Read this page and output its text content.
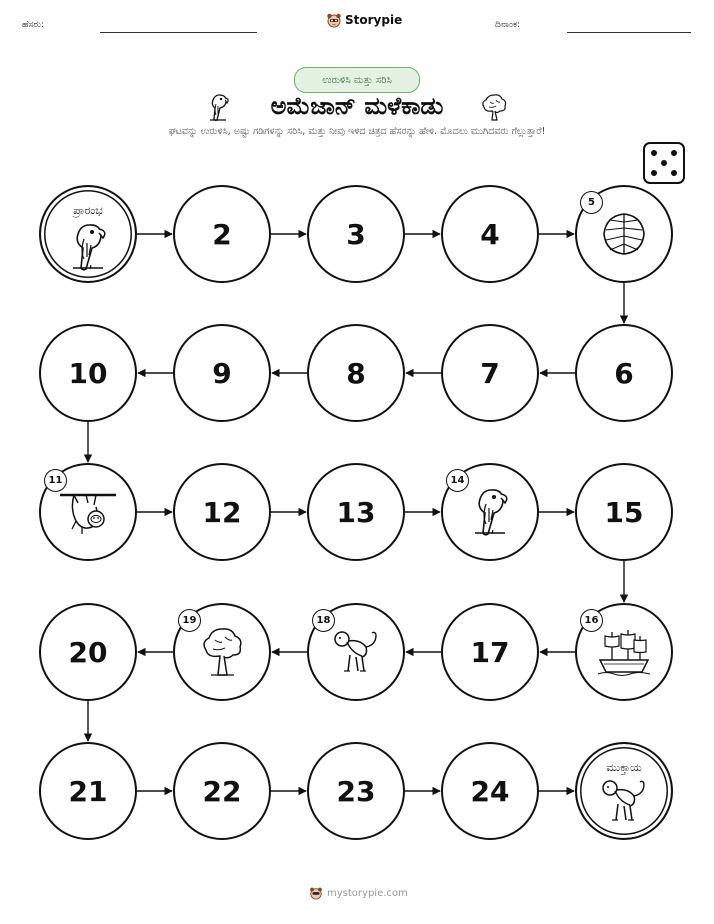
ಹೆಸರು:	Storypie	ದಿನಾಂಕ:
ಉರುಳಿಸಿ ಮತ್ತು ಸರಿಸಿ
ಅಮೆಜಾನ್ ಮಳೆಕಾಡು
ಘಟವನ್ನು ಉರುಳಿಸಿ, ಅಷ್ಟು ಗಡಿಗಳನ್ನು ಸರಿಸಿ, ಮತ್ತು ನೀವು ಇಳಿದ ಚಿತ್ರದ ಹೆಸರನ್ನು ಹೇಳಿ. ಮೊದಲು ಮುಗಿದವರು ಗೆಲ್ಲುತ್ತಾರೆ!
ಪ್ರಾರಂಭ
2	3	4
5
6
7
8
9
10
11
12	13
14
15
16
17
18
19
20
21	22	23	24
ಮುಕ್ತಾಯ
mystorypie.com
